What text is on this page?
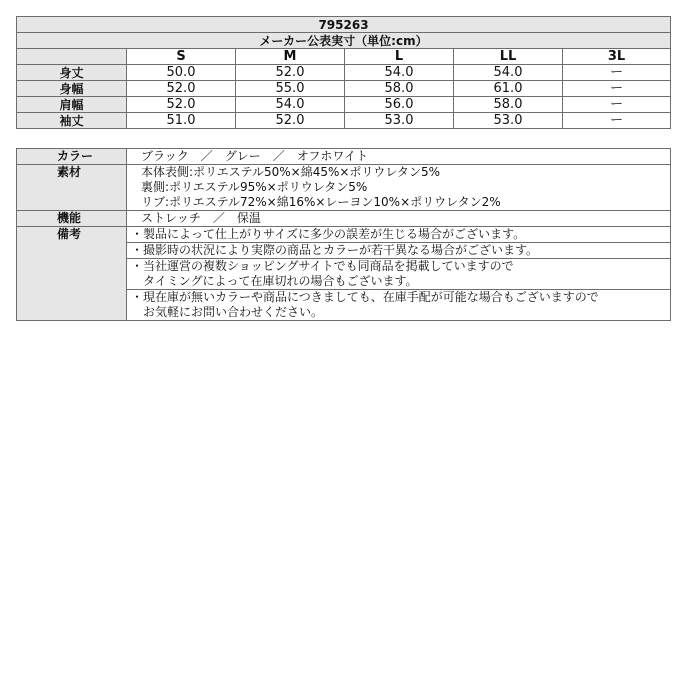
795263					
メーカー公表実寸（単位:cm）					
	S	M	L	LL	3L
身丈	50.0	52.0	54.0	54.0	ー
身幅	52.0	55.0	58.0	61.0	ー
肩幅	52.0	54.0	56.0	58.0	ー
袖丈	51.0	52.0	53.0	53.0	ー
カラー	ブラック　／　グレー　／　オフホワイト
素材	本体表側:ポリエステル50%×綿45%×ポリウレタン5%
裏側:ポリエステル95%×ポリウレタン5%
リブ:ポリエステル72%×綿16%×レーヨン10%×ポリウレタン2%

機能	ストレッチ　／　保温
備考	・製品によって仕上がりサイズに多少の誤差が生じる場合がございます。

	・撮影時の状況により実際の商品とカラーが若干異なる場合がございます。

	・当社運営の複数ショッピングサイトでも同商品を掲載していますので
　タイミングによって在庫切れの場合もございます。

	・現在庫が無いカラーや商品につきましても、在庫手配が可能な場合もございますので
　お気軽にお問い合わせください。
